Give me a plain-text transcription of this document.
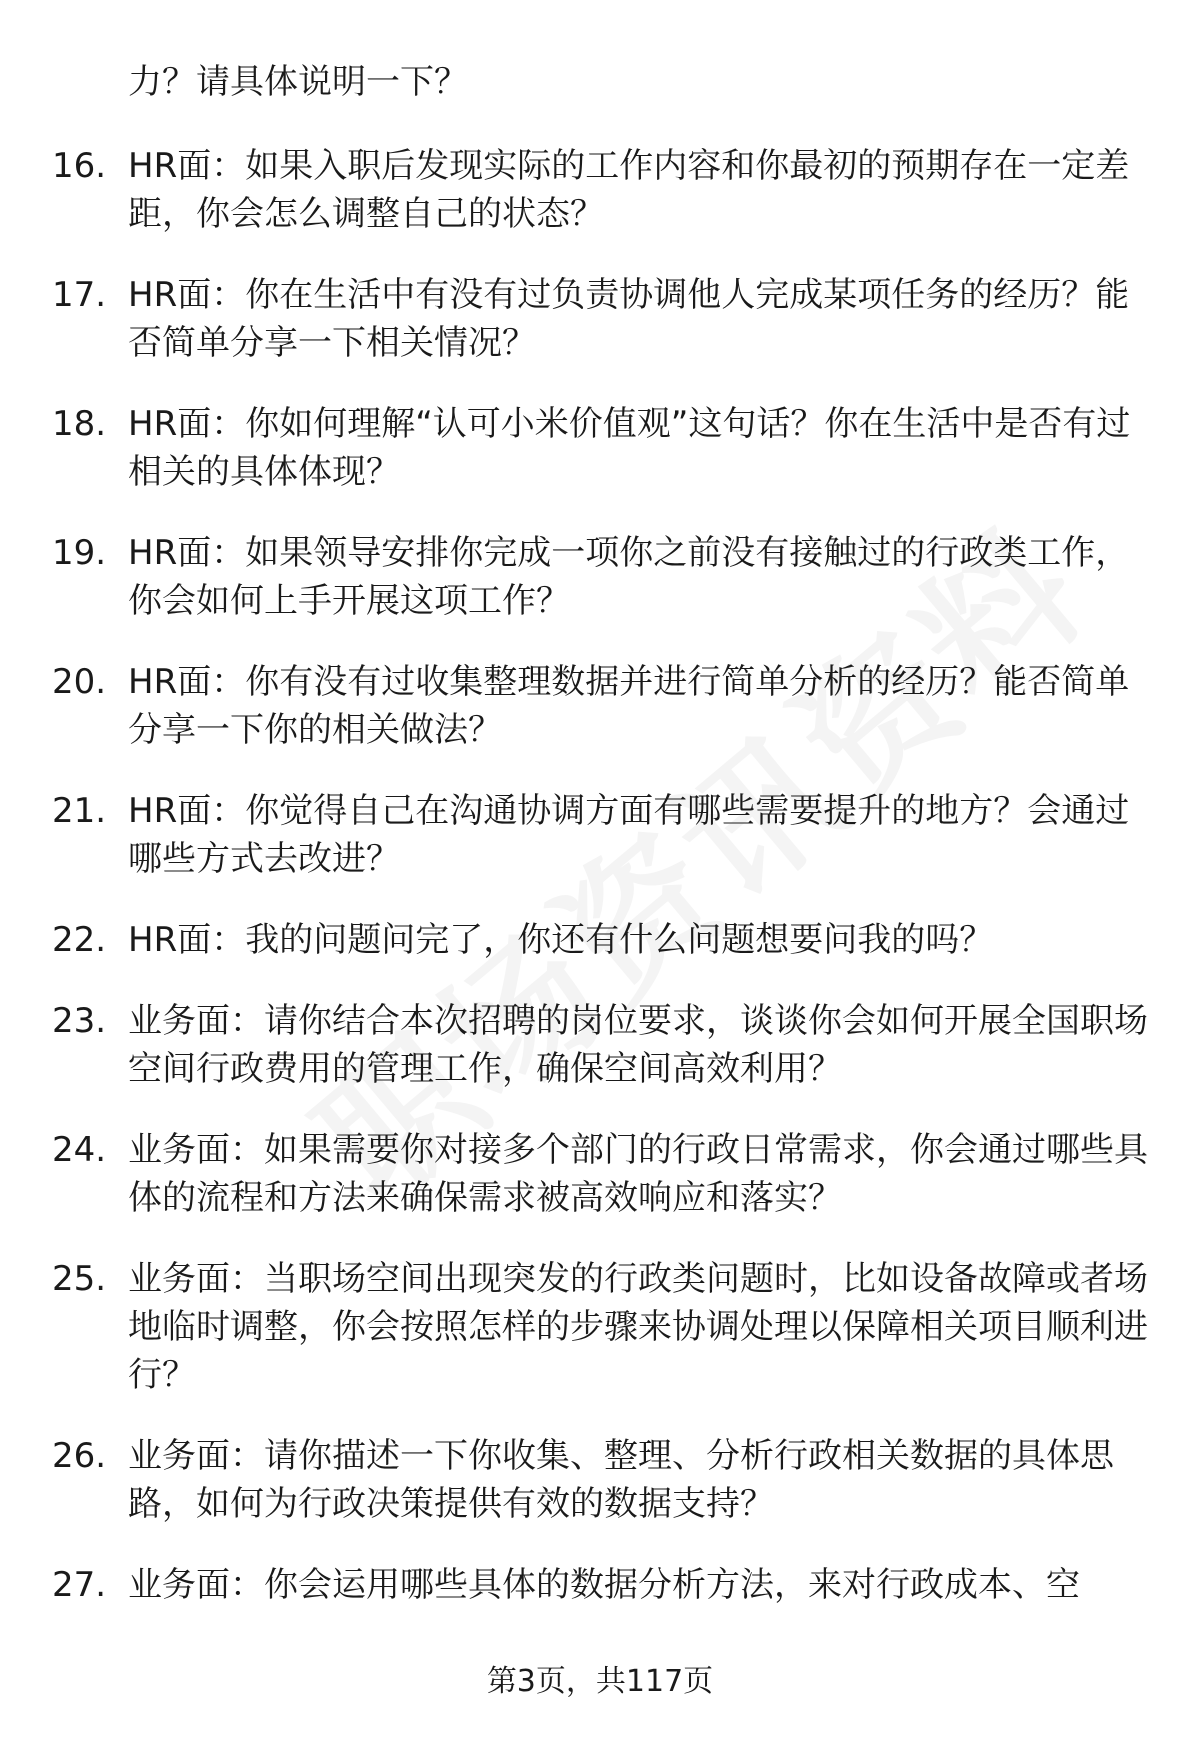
力？请具体说明一下？
16. HR面：如果入职后发现实际的工作内容和你最初的预期存在一定差距，你会怎么调整自己的状态？
17. HR面：你在生活中有没有过负责协调他人完成某项任务的经历？能否简单分享一下相关情况？
18. HR面：你如何理解“认可小米价值观”这句话？你在生活中是否有过相关的具体体现？
19. HR面：如果领导安排你完成一项你之前没有接触过的行政类工作，你会如何上手开展这项工作？
20. HR面：你有没有过收集整理数据并进行简单分析的经历？能否简单分享一下你的相关做法？
21. HR面：你觉得自己在沟通协调方面有哪些需要提升的地方？会通过哪些方式去改进？
22. HR面：我的问题问完了，你还有什么问题想要问我的吗？
23. 业务面：请你结合本次招聘的岗位要求，谈谈你会如何开展全国职场空间行政费用的管理工作，确保空间高效利用？
24. 业务面：如果需要你对接多个部门的行政日常需求，你会通过哪些具体的流程和方法来确保需求被高效响应和落实？
25. 业务面：当职场空间出现突发的行政类问题时，比如设备故障或者场地临时调整，你会按照怎样的步骤来协调处理以保障相关项目顺利进行？
26. 业务面：请你描述一下你收集、整理、分析行政相关数据的具体思路，如何为行政决策提供有效的数据支持？
27. 业务面：你会运用哪些具体的数据分析方法，来对行政成本、空
第3页，共117页
